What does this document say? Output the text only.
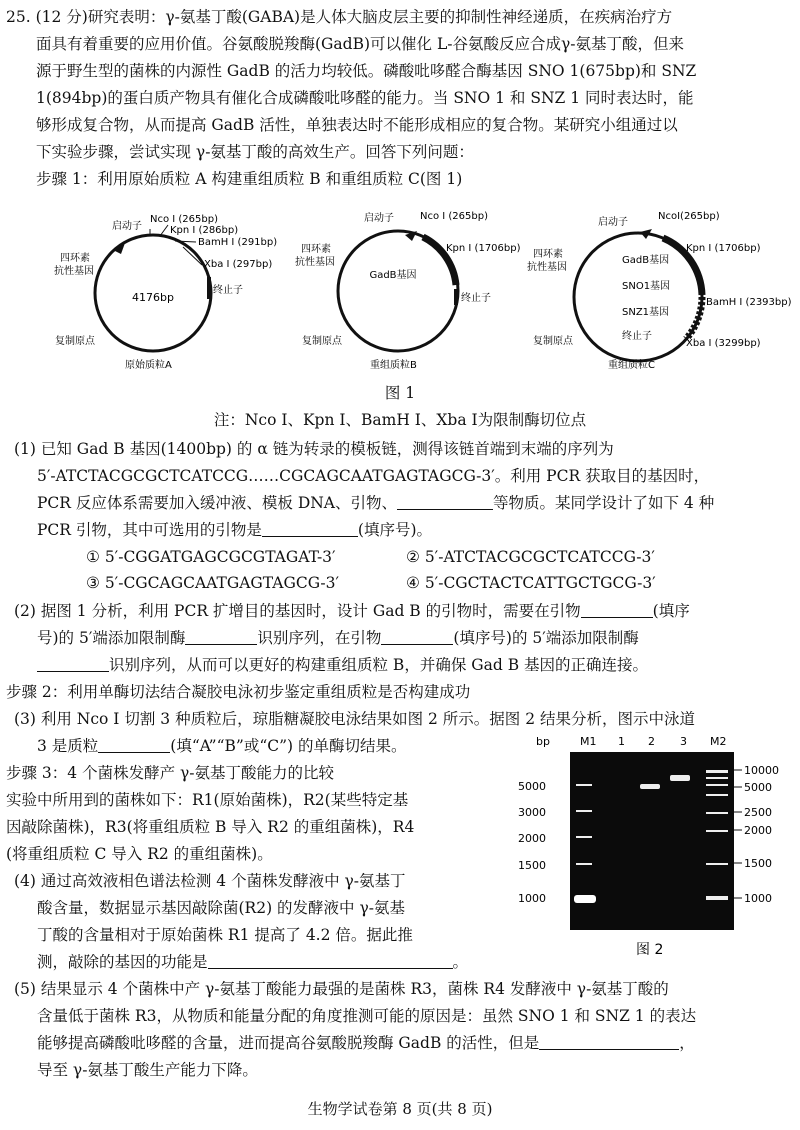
25. (12 分)研究表明：γ-氨基丁酸(GABA)是人体大脑皮层主要的抑制性神经递质，在疾病治疗方
面具有着重要的应用价值。谷氨酸脱羧酶(GadB)可以催化 L-谷氨酸反应合成γ-氨基丁酸，但来
源于野生型的菌株的内源性 GadB 的活力均较低。磷酸吡哆醛合酶基因 SNO 1(675bp)和 SNZ
1(894bp)的蛋白质产物具有催化合成磷酸吡哆醛的能力。当 SNO 1 和 SNZ 1 同时表达时，能
够形成复合物，从而提高 GadB 活性，单独表达时不能形成相应的复合物。某研究小组通过以
下实验步骤，尝试实现 γ-氨基丁酸的高效生产。回答下列问题：
步骤 1：利用原始质粒 A 构建重组质粒 B 和重组质粒 C(图 1)
4176bp
启动子
Nco Ⅰ (265bp)
Kpn Ⅰ (286bp)
BamH Ⅰ (291bp)
Xba Ⅰ (297bp)
终止子
四环素
抗性基因
复制原点
原始质粒A
GadB基因
启动子	Nco Ⅰ (265bp)
Kpn Ⅰ (1706bp)
终止子
四环素
抗性基因
复制原点
重组质粒B
GadB基因
SNO1基因
SNZ1基因
终止子
启动子
NcoⅠ(265bp)
Kpn Ⅰ (1706bp)
BamH Ⅰ (2393bp)
Xba Ⅰ (3299bp)
四环素
抗性基因
复制原点
重组质粒C
图 1
注：Nco Ⅰ、Kpn Ⅰ、BamH Ⅰ、Xba Ⅰ为限制酶切位点
(1) 已知 Gad B 基因(1400bp) 的 α 链为转录的模板链，测得该链首端到末端的序列为
5′-ATCTACGCGCTCATCCG……CGCAGCAATGAGTAGCG-3′。利用 PCR 获取目的基因时，
PCR 反应体系需要加入缓冲液、模板 DNA、引物、	等物质。某同学设计了如下 4 种
PCR 引物，其中可选用的引物是	(填序号)。
① 5′-CGGATGAGCGCGTAGAT-3′	② 5′-ATCTACGCGCTCATCCG-3′
③ 5′-CGCAGCAATGAGTAGCG-3′	④ 5′-CGCTACTCATTGCTGCG-3′
(2) 据图 1 分析，利用 PCR 扩增目的基因时，设计 Gad B 的引物时，需要在引物	(填序
号)的 5′端添加限制酶	识别序列，在引物	(填序号)的 5′端添加限制酶
识别序列，从而可以更好的构建重组质粒 B，并确保 Gad B 基因的正确连接。
步骤 2：利用单酶切法结合凝胶电泳初步鉴定重组质粒是否构建成功
(3) 利用 Nco Ⅰ 切割 3 种质粒后，琼脂糖凝胶电泳结果如图 2 所示。据图 2 结果分析，图示中泳道
3 是质粒	(填“A”“B”或“C”) 的单酶切结果。
步骤 3：4 个菌株发酵产 γ-氨基丁酸能力的比较
实验中所用到的菌株如下：R1(原始菌株)，R2(某些特定基
因敲除菌株)，R3(将重组质粒 B 导入 R2 的重组菌株)，R4
(将重组质粒 C 导入 R2 的重组菌株)。
(4) 通过高效液相色谱法检测 4 个菌株发酵液中 γ-氨基丁
酸含量，数据显示基因敲除菌(R2) 的发酵液中 γ-氨基
丁酸的含量相对于原始菌株 R1 提高了 4.2 倍。据此推
测，敲除的基因的功能是	。
bp	M1 1 2 3 M2
5000
3000
2000
1500
1000
10000
5000
2500
2000
1500
1000
图 2
(5) 结果显示 4 个菌株中产 γ-氨基丁酸能力最强的是菌株 R3，菌株 R4 发酵液中 γ-氨基丁酸的
含量低于菌株 R3，从物质和能量分配的角度推测可能的原因是：虽然 SNO 1 和 SNZ 1 的表达
能够提高磷酸吡哆醛的含量，进而提高谷氨酸脱羧酶 GadB 的活性，但是	，
导至 γ-氨基丁酸生产能力下降。
生物学试卷第 8 页(共 8 页)
